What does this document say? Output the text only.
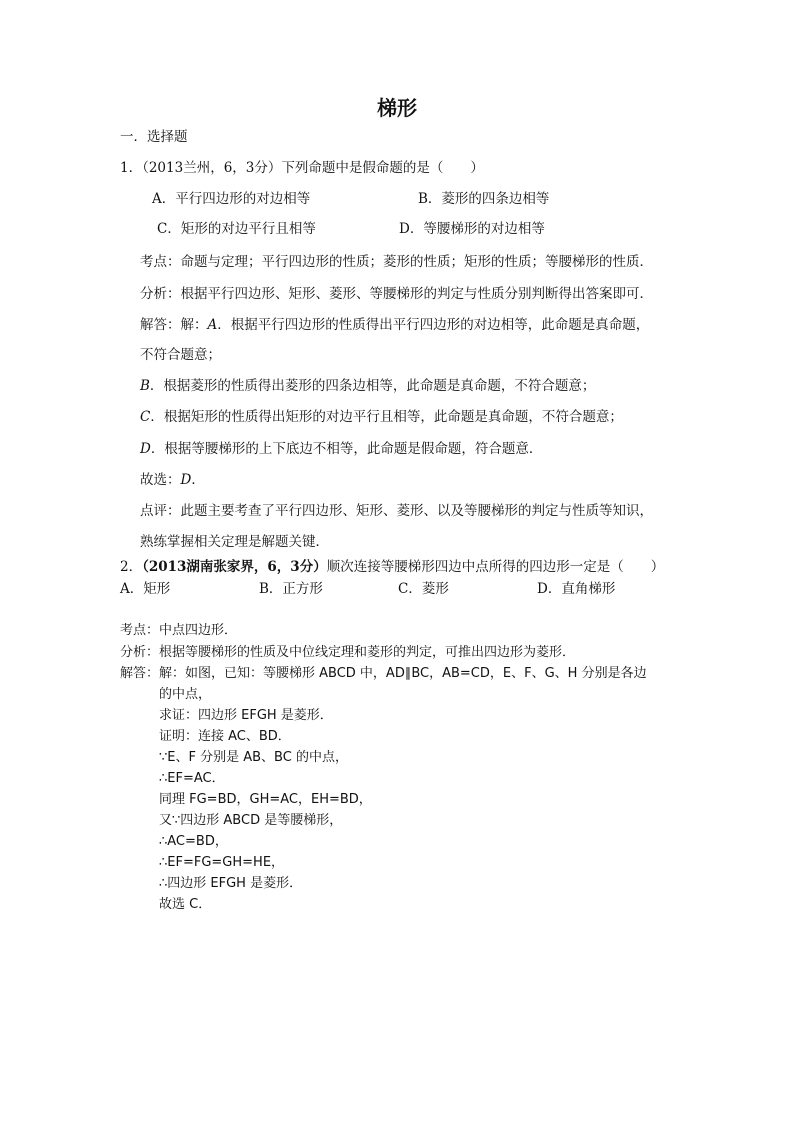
梯形
一．选择题
1．（2013兰州，6，3分）下列命题中是假命题的是（　　）
A．平行四边形的对边相等	B．菱形的四条边相等
C．矩形的对边平行且相等	D．等腰梯形的对边相等
考点：命题与定理；平行四边形的性质；菱形的性质；矩形的性质；等腰梯形的性质．
分析：根据平行四边形、矩形、菱形、等腰梯形的判定与性质分别判断得出答案即可．
解答：解：A．根据平行四边形的性质得出平行四边形的对边相等，此命题是真命题，
不符合题意；
B．根据菱形的性质得出菱形的四条边相等，此命题是真命题，不符合题意；
C．根据矩形的性质得出矩形的对边平行且相等，此命题是真命题，不符合题意；
D．根据等腰梯形的上下底边不相等，此命题是假命题，符合题意．
故选：D．
点评：此题主要考查了平行四边形、矩形、菱形、以及等腰梯形的判定与性质等知识，
熟练掌握相关定理是解题关键．
2．（2013湖南张家界，6，3分）顺次连接等腰梯形四边中点所得的四边形一定是（　　）
A．矩形	B．正方形	C．菱形	D．直角梯形
考点：中点四边形．
分析：根据等腰梯形的性质及中位线定理和菱形的判定，可推出四边形为菱形．
解答：解：如图，已知：等腰梯形 ABCD 中，AD∥BC，AB=CD，E、F、G、H 分别是各边
的中点，
求证：四边形 EFGH 是菱形．
证明：连接 AC、BD．
∵E、F 分别是 AB、BC 的中点，
∴EF=AC．
同理 FG=BD，GH=AC，EH=BD，
又∵四边形 ABCD 是等腰梯形，
∴AC=BD，
∴EF=FG=GH=HE，
∴四边形 EFGH 是菱形．
故选 C．
